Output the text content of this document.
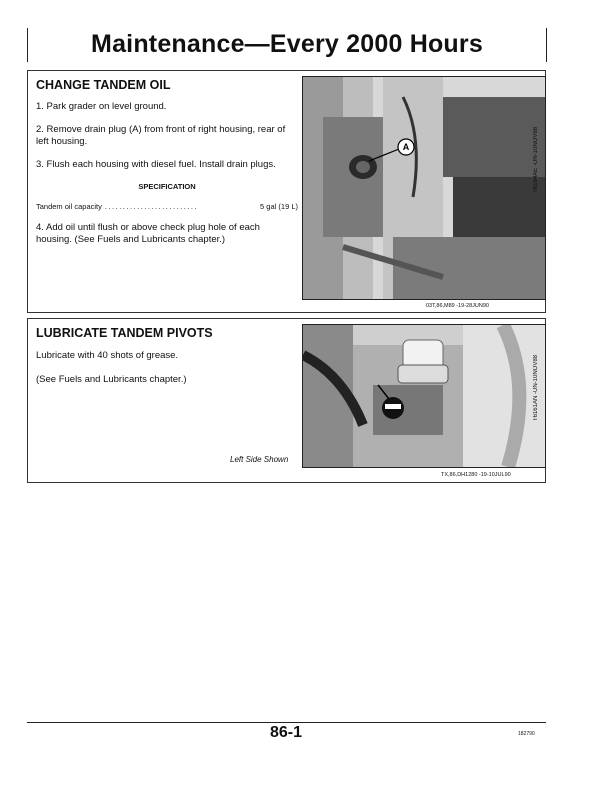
Maintenance—Every 2000 Hours
CHANGE TANDEM OIL
1. Park grader on level ground.
2. Remove drain plug (A) from front of right housing, rear of left housing.
3. Flush each housing with diesel fuel. Install drain plugs.
SPECIFICATION
Tandem oil capacity ..........................	5 gal (19 L)
4. Add oil until flush or above check plug hole of each housing. (See Fuels and Lubricants chapter.)
A	T6164AE -UN-10NOV88
03T,86,M89 -19-28JUN90
LUBRICATE TANDEM PIVOTS
Lubricate with 40 shots of grease.
(See Fuels and Lubricants chapter.)
Left Side Shown
T6161AN -UN-10NOV88
TX,86,DH1280 -19-10JUL90
86-1	182790
